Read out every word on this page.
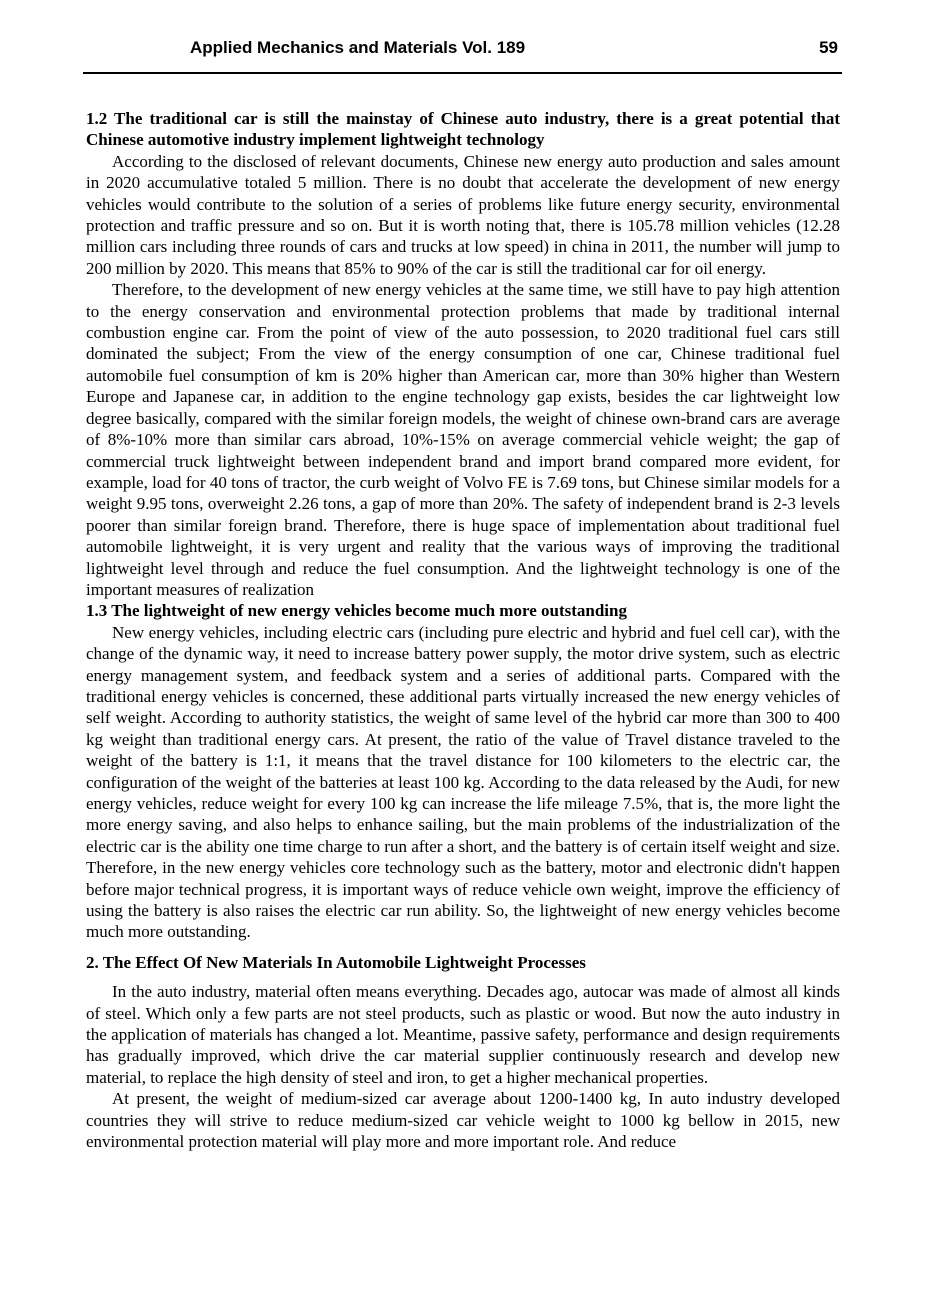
Applied Mechanics and Materials Vol. 189	59
1.2 The traditional car is still the mainstay of Chinese auto industry, there is a great potential that Chinese automotive industry implement lightweight technology

According to the disclosed of relevant documents, Chinese new energy auto production and sales amount in 2020 accumulative totaled 5 million. There is no doubt that accelerate the development of new energy vehicles would contribute to the solution of a series of problems like future energy security, environmental protection and traffic pressure and so on. But it is worth noting that, there is 105.78 million vehicles (12.28 million cars including three rounds of cars and trucks at low speed) in china in 2011, the number will jump to 200 million by 2020. This means that 85% to 90% of the car is still the traditional car for oil energy.

Therefore, to the development of new energy vehicles at the same time, we still have to pay high attention to the energy conservation and environmental protection problems that made by traditional internal combustion engine car. From the point of view of the auto possession, to 2020 traditional fuel cars still dominated the subject; From the view of the energy consumption of one car, Chinese traditional fuel automobile fuel consumption of km is 20% higher than American car, more than 30% higher than Western Europe and Japanese car, in addition to the engine technology gap exists, besides the car lightweight low degree basically, compared with the similar foreign models, the weight of chinese own-brand cars are average of 8%-10% more than similar cars abroad, 10%-15% on average commercial vehicle weight; the gap of commercial truck lightweight between independent brand and import brand compared more evident, for example, load for 40 tons of tractor, the curb weight of Volvo FE is 7.69 tons, but Chinese similar models for a weight 9.95 tons, overweight 2.26 tons, a gap of more than 20%. The safety of independent brand is 2-3 levels poorer than similar foreign brand. Therefore, there is huge space of implementation about traditional fuel automobile lightweight, it is very urgent and reality that the various ways of improving the traditional lightweight level through and reduce the fuel consumption. And the lightweight technology is one of the important measures of realization

1.3 The lightweight of new energy vehicles become much more outstanding

New energy vehicles, including electric cars (including pure electric and hybrid and fuel cell car), with the change of the dynamic way, it need to increase battery power supply, the motor drive system, such as electric energy management system, and feedback system and a series of additional parts. Compared with the traditional energy vehicles is concerned, these additional parts virtually increased the new energy vehicles of self weight. According to authority statistics, the weight of same level of the hybrid car more than 300 to 400 kg weight than traditional energy cars. At present, the ratio of the value of Travel distance traveled to the weight of the battery is 1:1, it means that the travel distance for 100 kilometers to the electric car, the configuration of the weight of the batteries at least 100 kg. According to the data released by the Audi, for new energy vehicles, reduce weight for every 100 kg can increase the life mileage 7.5%, that is, the more light the more energy saving, and also helps to enhance sailing, but the main problems of the industrialization of the electric car is the ability one time charge to run after a short, and the battery is of certain itself weight and size. Therefore, in the new energy vehicles core technology such as the battery, motor and electronic didn't happen before major technical progress, it is important ways of reduce vehicle own weight, improve the efficiency of using the battery is also raises the electric car run ability. So, the lightweight of new energy vehicles become much more outstanding.

2. The Effect Of New Materials In Automobile Lightweight Processes

In the auto industry, material often means everything. Decades ago, autocar was made of almost all kinds of steel. Which only a few parts are not steel products, such as plastic or wood. But now the auto industry in the application of materials has changed a lot. Meantime, passive safety, performance and design requirements has gradually improved, which drive the car material supplier continuously research and develop new material, to replace the high density of steel and iron, to get a higher mechanical properties.

At present, the weight of medium-sized car average about 1200-1400 kg, In auto industry developed countries they will strive to reduce medium-sized car vehicle weight to 1000 kg bellow in 2015, new environmental protection material will play more and more important role. And reduce
